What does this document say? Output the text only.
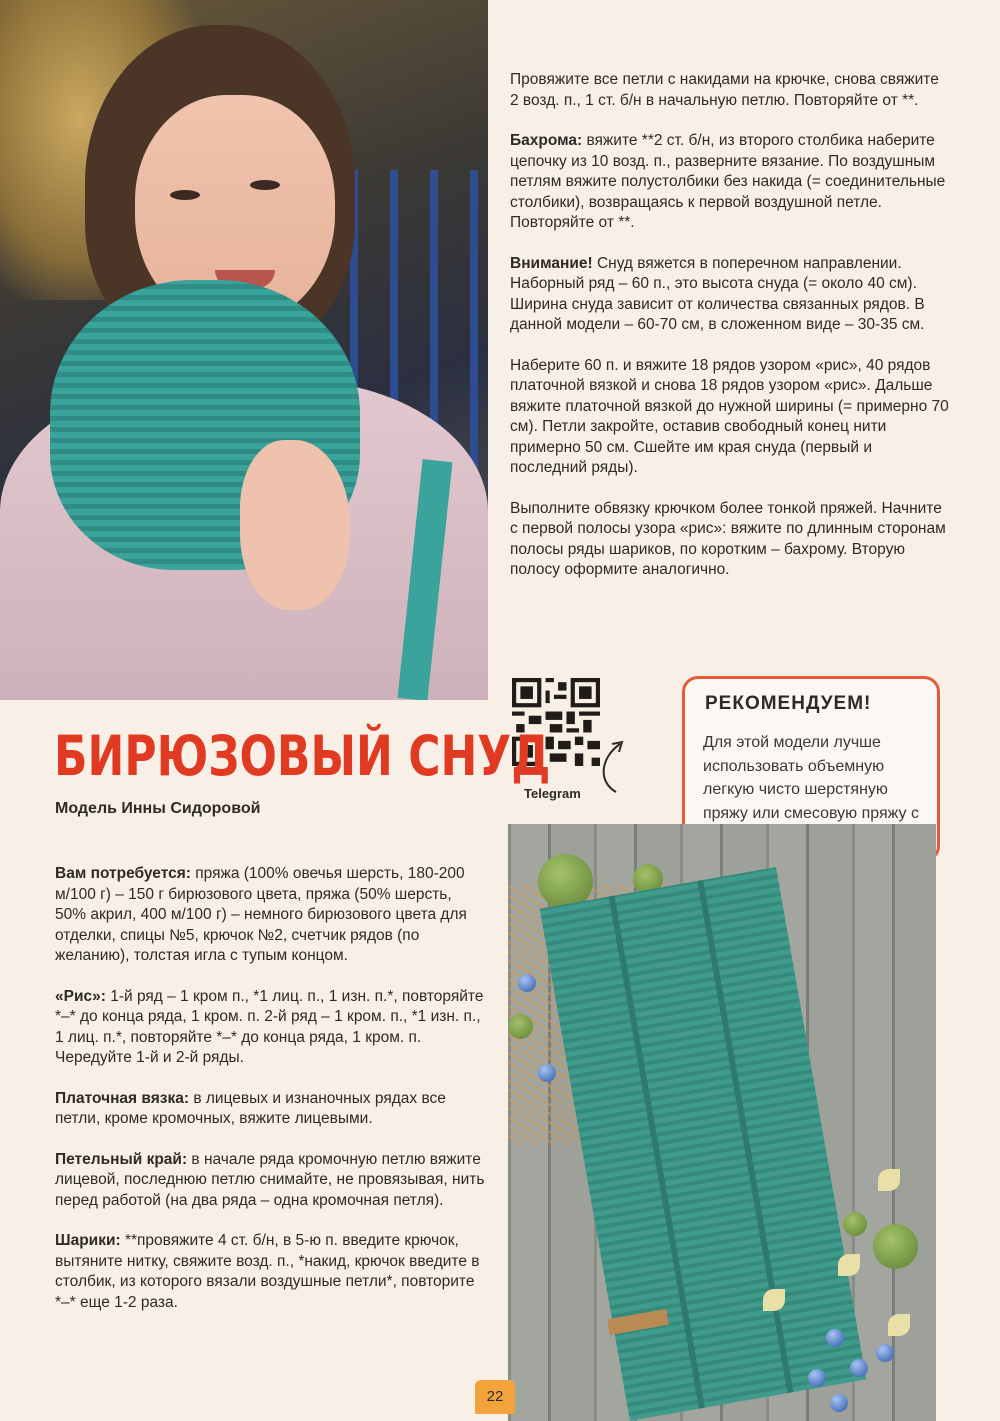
Провяжите все петли с накидами на крючке, снова свяжите 2 возд. п., 1 ст. б/н в начальную петлю. Повторяйте от **.

Бахрома: вяжите **2 ст. б/н, из второго столбика наберите цепочку из 10 возд. п., разверните вязание. По воздушным петлям вяжите полустолбики без накида (= соединительные столбики), возвращаясь к первой воздушной петле. Повторяйте от **.

Внимание! Снуд вяжется в поперечном направлении. Наборный ряд – 60 п., это высота снуда (= около 40 см). Ширина снуда зависит от количества связанных рядов. В данной модели – 60-70 см, в сложенном виде – 30-35 см.

Наберите 60 п. и вяжите 18 рядов узором «рис», 40 рядов платочной вязкой и снова 18 рядов узором «рис». Дальше вяжите платочной вязкой до нужной ширины (= примерно 70 см). Петли закройте, оставив свободный конец нити примерно 50 см. Сшейте им края снуда (первый и последний ряды).

Выполните обвязку крючком более тонкой пряжей. Начните с первой полосы узора «рис»: вяжите по длинным сторонам полосы ряды шариков, по коротким – бахрому. Вторую полосу оформите аналогично.

Telegram
РЕКОМЕНДУЕМ!
Для этой модели лучше использовать объемную легкую чисто шерстяную пряжу или смесовую пряжу с
БИРЮЗОВЫЙ СНУД
Модель Инны Сидоровой

Вам потребуется: пряжа (100% овечья шерсть, 180-200 м/100 г) – 150 г бирюзового цвета, пряжа (50% шерсть, 50% акрил, 400 м/100 г) – немного бирюзового цвета для отделки, спицы №5, крючок №2, счетчик рядов (по желанию), толстая игла с тупым концом.

«Рис»: 1-й ряд – 1 кром п., *1 лиц. п., 1 изн. п.*, повторяйте *–* до конца ряда, 1 кром. п. 2-й ряд – 1 кром. п., *1 изн. п., 1 лиц. п.*, повторяйте *–* до конца ряда, 1 кром. п. Чередуйте 1-й и 2-й ряды.

Платочная вязка: в лицевых и изнаночных рядах все петли, кроме кромочных, вяжите лицевыми.

Петельный край: в начале ряда кромочную петлю вяжите лицевой, последнюю петлю снимайте, не провязывая, нить перед работой (на два ряда – одна кромочная петля).

Шарики: **провяжите 4 ст. б/н, в 5-ю п. введите крючок, вытяните нитку, свяжите возд. п., *накид, крючок введите в столбик, из которого вязали воздушные петли*, повторите *–* еще 1-2 раза.

22
